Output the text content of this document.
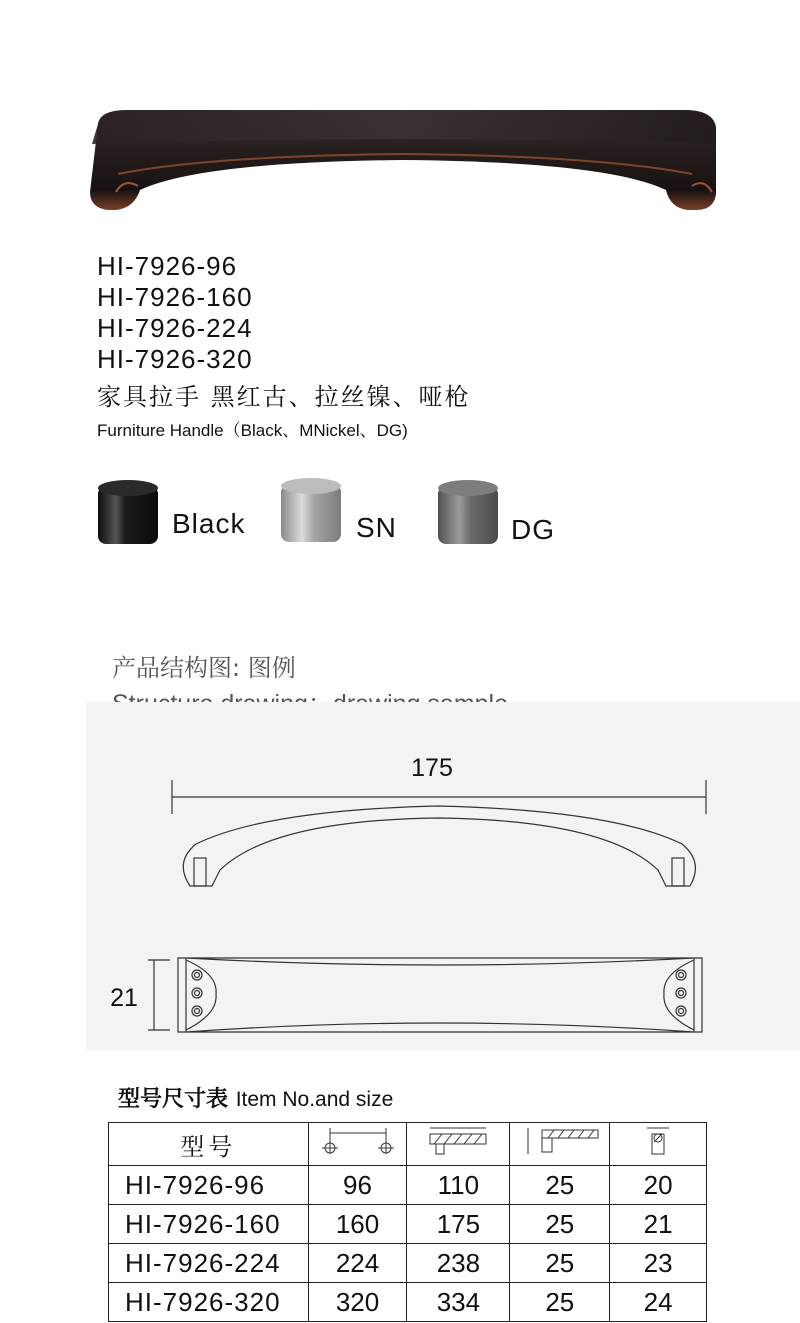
HI-7926-96
HI-7926-160
HI-7926-224
HI-7926-320
家具拉手 黑红古、拉丝镍、哑枪
Furniture Handle（Black、MNickel、DG)
Black	SN	DG
产品结构图: 图例
175
21
型号尺寸表 Item No.and size
型号				
HI-7926-96	96	110	25	20
HI-7926-160	160	175	25	21
HI-7926-224	224	238	25	23
HI-7926-320	320	334	25	24
